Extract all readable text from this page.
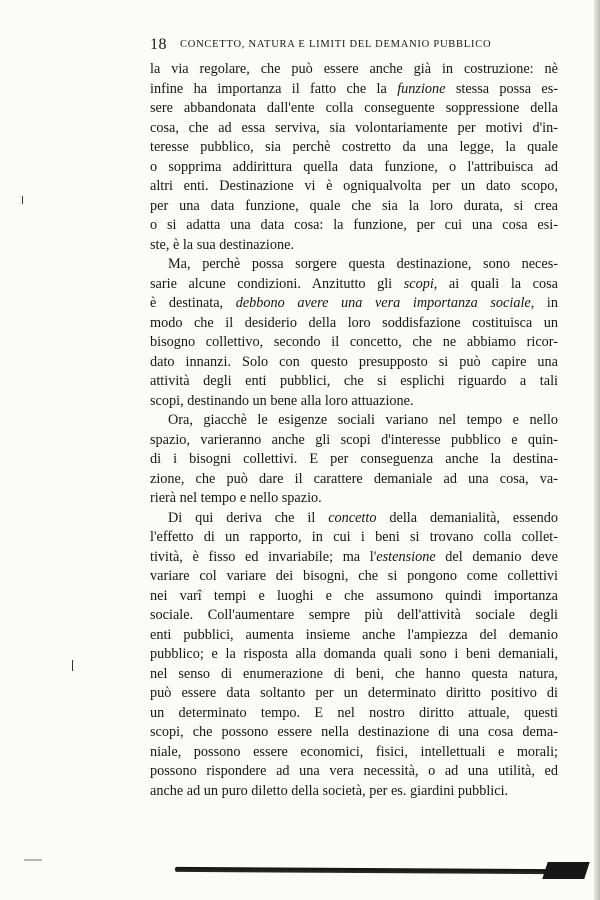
18 CONCETTO, NATURA E LIMITI DEL DEMANIO PUBBLICO
la via regolare, che può essere anche già in costruzione: nè
infine ha importanza il fatto che la funzione stessa possa es-
sere abbandonata dall'ente colla conseguente soppressione della
cosa, che ad essa serviva, sia volontariamente per motivi d'in-
teresse pubblico, sia perchè costretto da una legge, la quale
o sopprima addirittura quella data funzione, o l'attribuisca ad
altri enti. Destinazione vi è ogniqualvolta per un dato scopo,
per una data funzione, quale che sia la loro durata, si crea
o si adatta una data cosa: la funzione, per cui una cosa esi-
ste, è la sua destinazione.
Ma, perchè possa sorgere questa destinazione, sono neces-
sarie alcune condizioni. Anzitutto gli scopi, ai quali la cosa
è destinata, debbono avere una vera importanza sociale, in
modo che il desiderio della loro soddisfazione costituisca un
bisogno collettivo, secondo il concetto, che ne abbiamo ricor-
dato innanzi. Solo con questo presupposto si può capire una
attività degli enti pubblici, che si esplichi riguardo a tali
scopi, destinando un bene alla loro attuazione.
Ora, giacchè le esigenze sociali variano nel tempo e nello
spazio, varieranno anche gli scopi d'interesse pubblico e quin-
di i bisogni collettivi. E per conseguenza anche la destina-
zione, che può dare il carattere demaniale ad una cosa, va-
rierà nel tempo e nello spazio.
Di qui deriva che il concetto della demanialità, essendo
l'effetto di un rapporto, in cui i beni si trovano colla collet-
tività, è fisso ed invariabile; ma l'estensione del demanio deve
variare col variare dei bisogni, che si pongono come collettivi
nei varî tempi e luoghi e che assumono quindi importanza
sociale. Coll'aumentare sempre più dell'attività sociale degli
enti pubblici, aumenta insieme anche l'ampiezza del demanio
pubblico; e la risposta alla domanda quali sono i beni demaniali,
nel senso di enumerazione di beni, che hanno questa natura,
può essere data soltanto per un determinato diritto positivo di
un determinato tempo. E nel nostro diritto attuale, questi
scopi, che possono essere nella destinazione di una cosa dema-
niale, possono essere economici, fisici, intellettuali e morali;
possono rispondere ad una vera necessità, o ad una utilità, ed
anche ad un puro diletto della società, per es. giardini pubblici.
